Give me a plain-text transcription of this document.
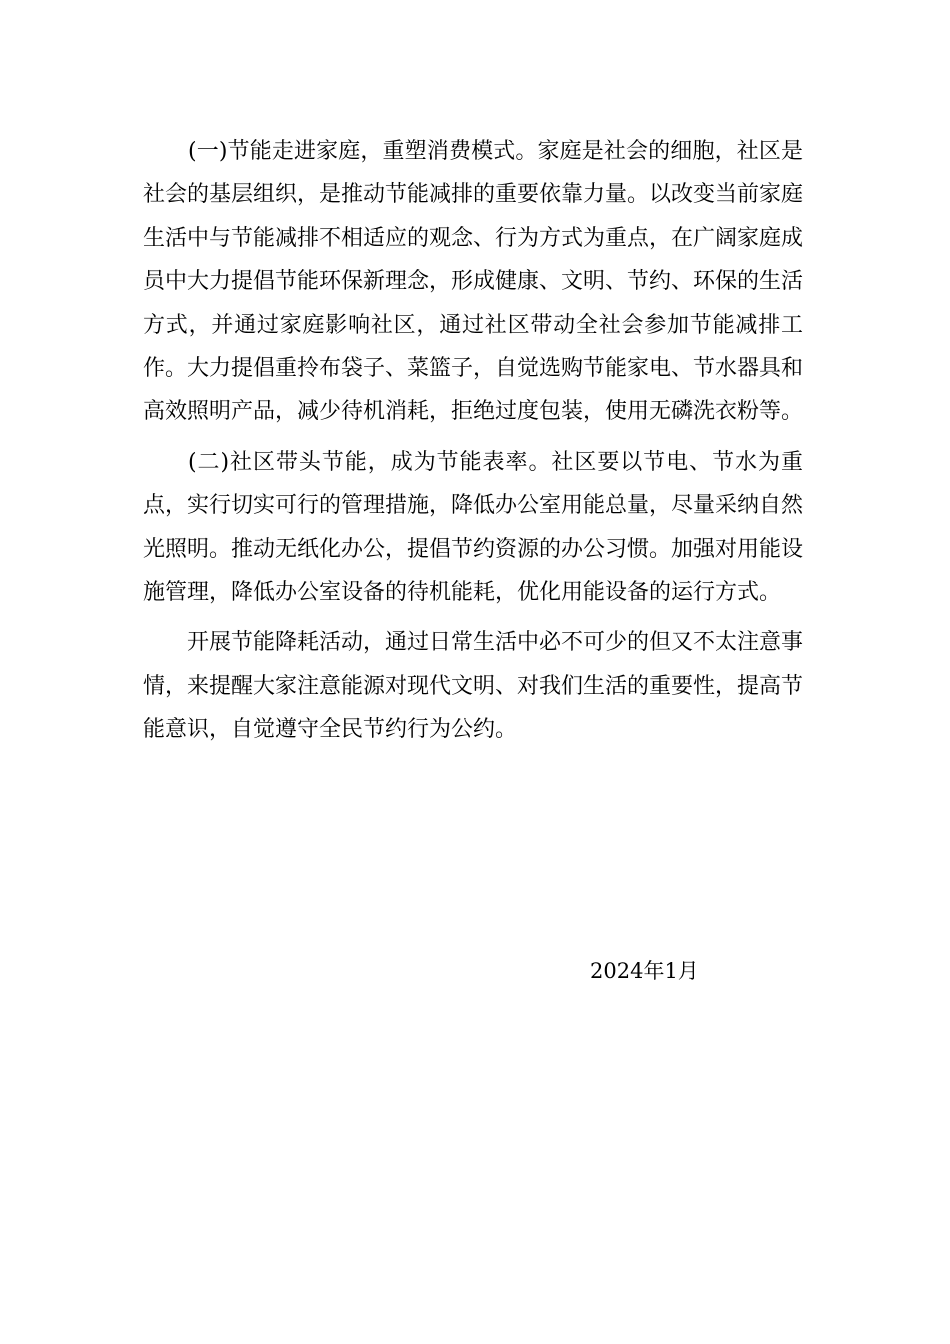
(一)节能走进家庭，重塑消费模式。家庭是社会的细胞，社区是社会的基层组织，是推动节能减排的重要依靠力量。以改变当前家庭生活中与节能减排不相适应的观念、行为方式为重点，在广阔家庭成员中大力提倡节能环保新理念，形成健康、文明、节约、环保的生活方式，并通过家庭影响社区，通过社区带动全社会参加节能减排工作。大力提倡重拎布袋子、菜篮子，自觉选购节能家电、节水器具和高效照明产品，减少待机消耗，拒绝过度包装，使用无磷洗衣粉等。

(二)社区带头节能，成为节能表率。社区要以节电、节水为重点，实行切实可行的管理措施，降低办公室用能总量，尽量采纳自然光照明。推动无纸化办公，提倡节约资源的办公习惯。加强对用能设施管理，降低办公室设备的待机能耗，优化用能设备的运行方式。

开展节能降耗活动，通过日常生活中必不可少的但又不太注意事情，来提醒大家注意能源对现代文明、对我们生活的重要性，提高节能意识，自觉遵守全民节约行为公约。

2024年1月
